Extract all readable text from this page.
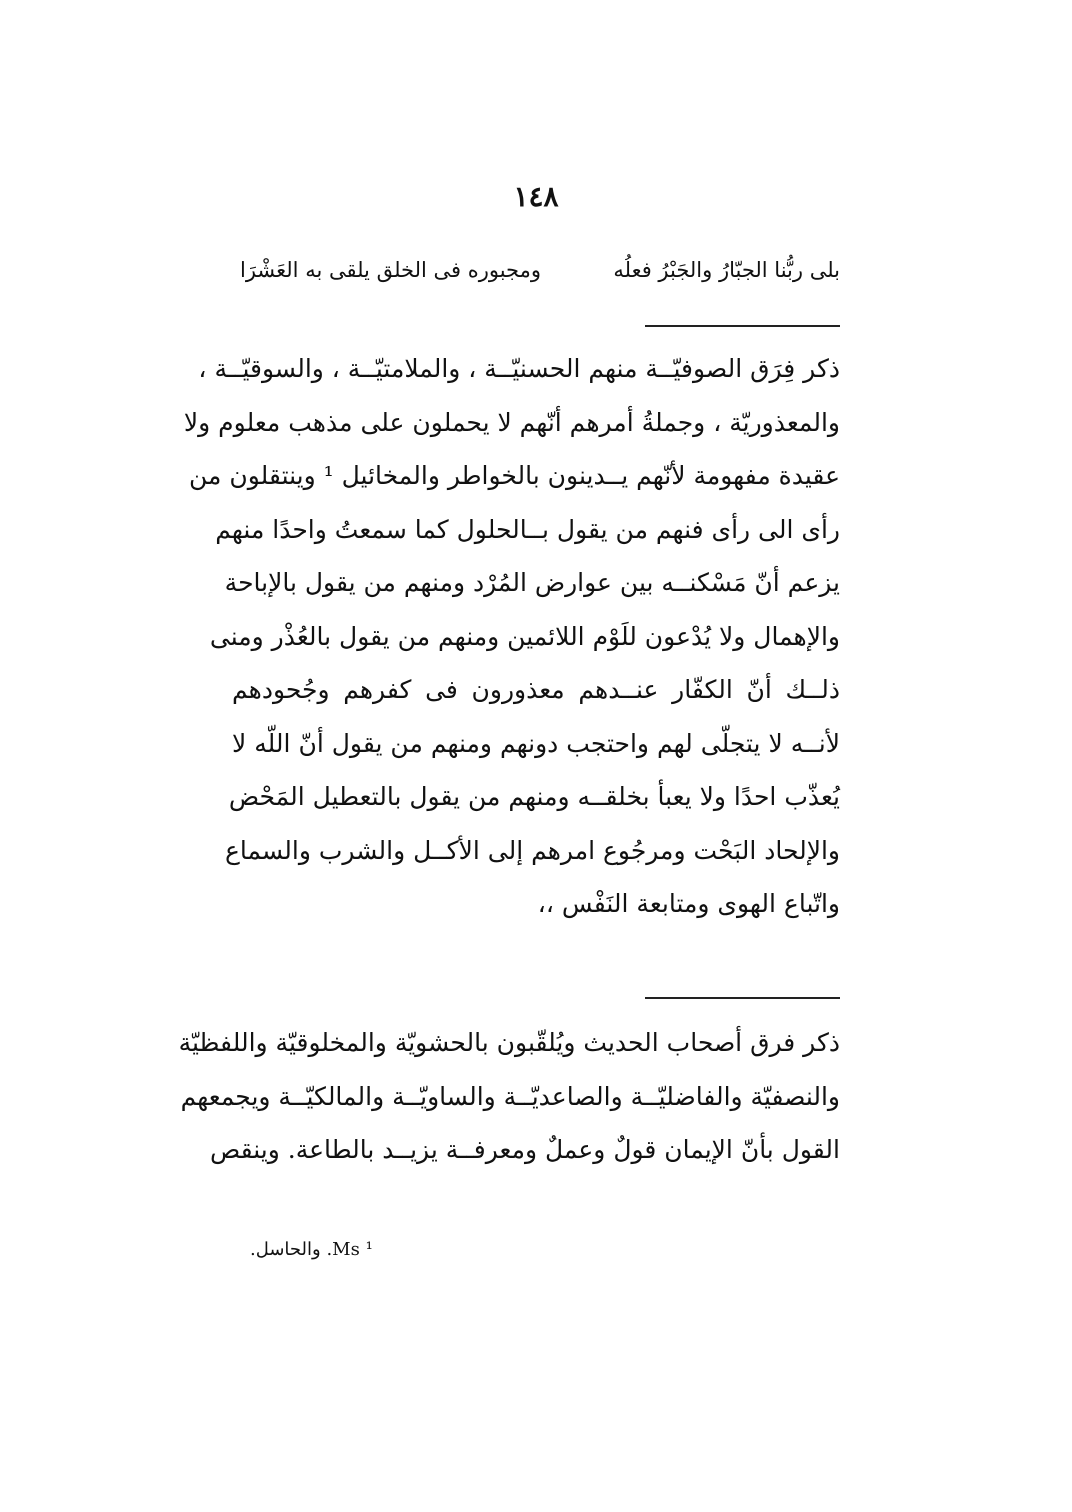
١٤٨
بلى ربُّنا الجبّارُ والجَبْرُ فعلُه
ومجبوره فى الخلق يلقى به العَشْرَا
ذكر فِرَق الصوفيّــة منهم الحسنيّــة ، والملامتيّــة ، والسوقيّــة ،
والمعذوريّة ، وجملةُ أمرهم أنّهم لا يحملون على مذهب معلوم ولا
عقيدة مفهومة لأنّهم يــدينون بالخواطر والمخائيل ¹ وينتقلون من
رأى الى رأى فنهم من يقول بــالحلول كما سمعتُ واحدًا منهم
يزعم أنّ مَسْكنــه بين عوارض المُرْد ومنهم من يقول بالإباحة
والإهمال ولا يُدْعون للَوْم اللائمين ومنهم من يقول بالعُذْر ومنى
ذلــك أنّ الكفّار عنــدهم معذورون فى كفرهم وجُحودهم
لأنــه لا يتجلّى لهم واحتجب دونهم ومنهم من يقول أنّ اللّه لا
يُعذّب احدًا ولا يعبأ بخلقــه ومنهم من يقول بالتعطيل المَحْض
والإلحاد البَحْت ومرجُوع امرهم إلى الأكــل والشرب والسماع
واتّباع الهوى ومتابعة النَفْس ،،
ذكر فرق أصحاب الحديث ويُلقّبون بالحشويّة والمخلوقيّة واللفظيّة
والنصفيّة والفاضليّــة والصاعديّــة والساويّــة والمالكيّــة ويجمعهم
القول بأنّ الإيمان قولٌ وعملٌ ومعرفــة يزيــد بالطاعة. وينقص
¹ Ms. والحاسل.
